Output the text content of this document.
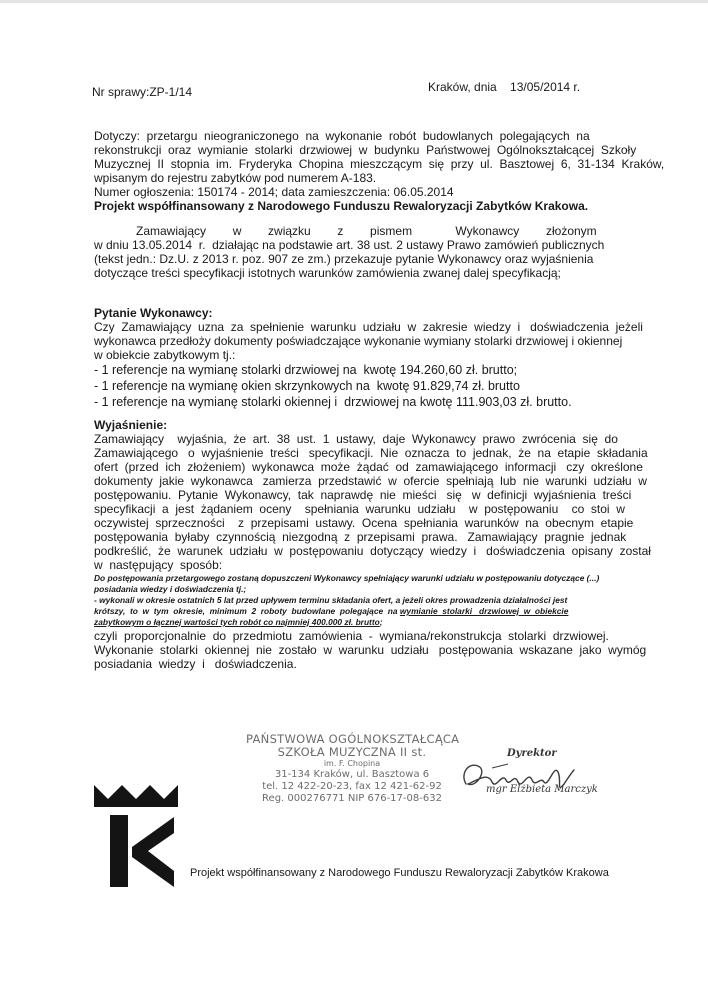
Nr sprawy:ZP-1/14	Kraków, dnia    13/05/2014 r.
Dotyczy:  przetargu  nieograniczonego  na  wykonanie  robót  budowlanych  polegających  na
rekonstrukcji  oraz  wymianie  stolarki  drzwiowej  w  budynku  Państwowej  Ogólnokształcącej  Szkoły
Muzycznej  II  stopnia  im.  Fryderyka  Chopina  mieszczącym  się  przy  ul.  Basztowej  6,  31-134  Kraków,
wpisanym do rejestru zabytków pod numerem A-183.
Numer ogłoszenia: 150174 - 2014; data zamieszczenia: 06.05.2014
Projekt współfinansowany z Narodowego Funduszu Rewaloryzacji Zabytków Krakowa.
Zamawiający        w        związku        z        pismem             Wykonawcy        złożonym
w dniu 13.05.2014  r.  działając na podstawie art. 38 ust. 2 ustawy Prawo zamówień publicznych
(tekst jedn.: Dz.U. z 2013 r. poz. 907 ze zm.) przekazuje pytanie Wykonawcy oraz wyjaśnienia
dotyczące treści specyfikacji istotnych warunków zamówienia zwanej dalej specyfikacją;
Pytanie Wykonawcy:
Czy  Zamawiający  uzna  za  spełnienie  warunku  udziału  w  zakresie  wiedzy  i   doświadczenia  jeżeli
wykonawca przedłoży dokumenty poświadczające wykonanie wymiany stolarki drzwiowej i okiennej
w obiekcie zabytkowym tj.:
- 1 referencje na wymianę stolarki drzwiowej na  kwotę 194.260,60 zł. brutto;
- 1 referencje na wymianę okien skrzynkowych na  kwotę 91.829,74 zł. brutto
- 1 referencje na wymianę stolarki okiennej i  drzwiowej na kwotę 111.903,03 zł. brutto.
Wyjaśnienie:
Zamawiający    wyjaśnia,  że  art.  38  ust.  1  ustawy,  daje  Wykonawcy  prawo  zwrócenia  się  do
Zamawiającego   o  wyjaśnienie  treści   specyfikacji.  Nie  oznacza  to  jednak,  że  na  etapie  składania
ofert  (przed  ich  złożeniem)  wykonawca  może  żądać  od  zamawiającego  informacji   czy  określone
dokumenty  jakie  wykonawca   zamierza  przedstawić  w  ofercie  spełniają  lub  nie  warunki  udziału  w
postępowaniu.  Pytanie  Wykonawcy,  tak  naprawdę  nie  mieści   się   w  definicji  wyjaśnienia  treści
specyfikacji  a  jest  żądaniem  oceny    spełniania  warunku  udziału    w  postępowaniu    co  stoi  w
oczywistej  sprzeczności    z  przepisami  ustawy.  Ocena  spełniania  warunków  na  obecnym  etapie
postępowania  byłaby  czynnością  niezgodną  z  przepisami  prawa.   Zamawiający  pragnie  jednak
podkreślić,  że  warunek  udziału  w  postępowaniu  dotyczący  wiedzy  i   doświadczenia  opisany  został
w  następujący  sposób:
Do postępowania przetargowego zostaną dopuszczeni Wykonawcy spełniający warunki udziału w postępowaniu dotyczące (...)
posiadania wiedzy i doświadczenia tj.;
- wykonali w okresie ostatnich 5 lat przed upływem terminu składania ofert, a jeżeli okres prowadzenia działalności jest
krótszy,  to  w  tym  okresie,  minimum  2  roboty  budowlane  polegające  na wymianie  stolarki   drzwiowej  w  obiekcie
zabytkowym o łącznej wartości tych robót co najmniej 400.000 zł. brutto;
czyli  proporcjonalnie  do  przedmiotu  zamówienia  -  wymiana/rekonstrukcja  stolarki  drzwiowej.
Wykonanie  stolarki  okiennej  nie  zostało  w  warunku  udziału   postępowania  wskazane  jako  wymóg
posiadania  wiedzy  i   doświadczenia.
PAŃSTWOWA OGÓLNOKSZTAŁCĄCA
SZKOŁA MUZYCZNA II st.
im. F. Chopina
31-134 Kraków, ul. Basztowa 6
tel. 12 422-20-23, fax 12 421-62-92
Reg. 000276771 NIP 676-17-08-632
Dyrektor
mgr Elżbieta Marczyk
Projekt współfinansowany z Narodowego Funduszu Rewaloryzacji Zabytków Krakowa
